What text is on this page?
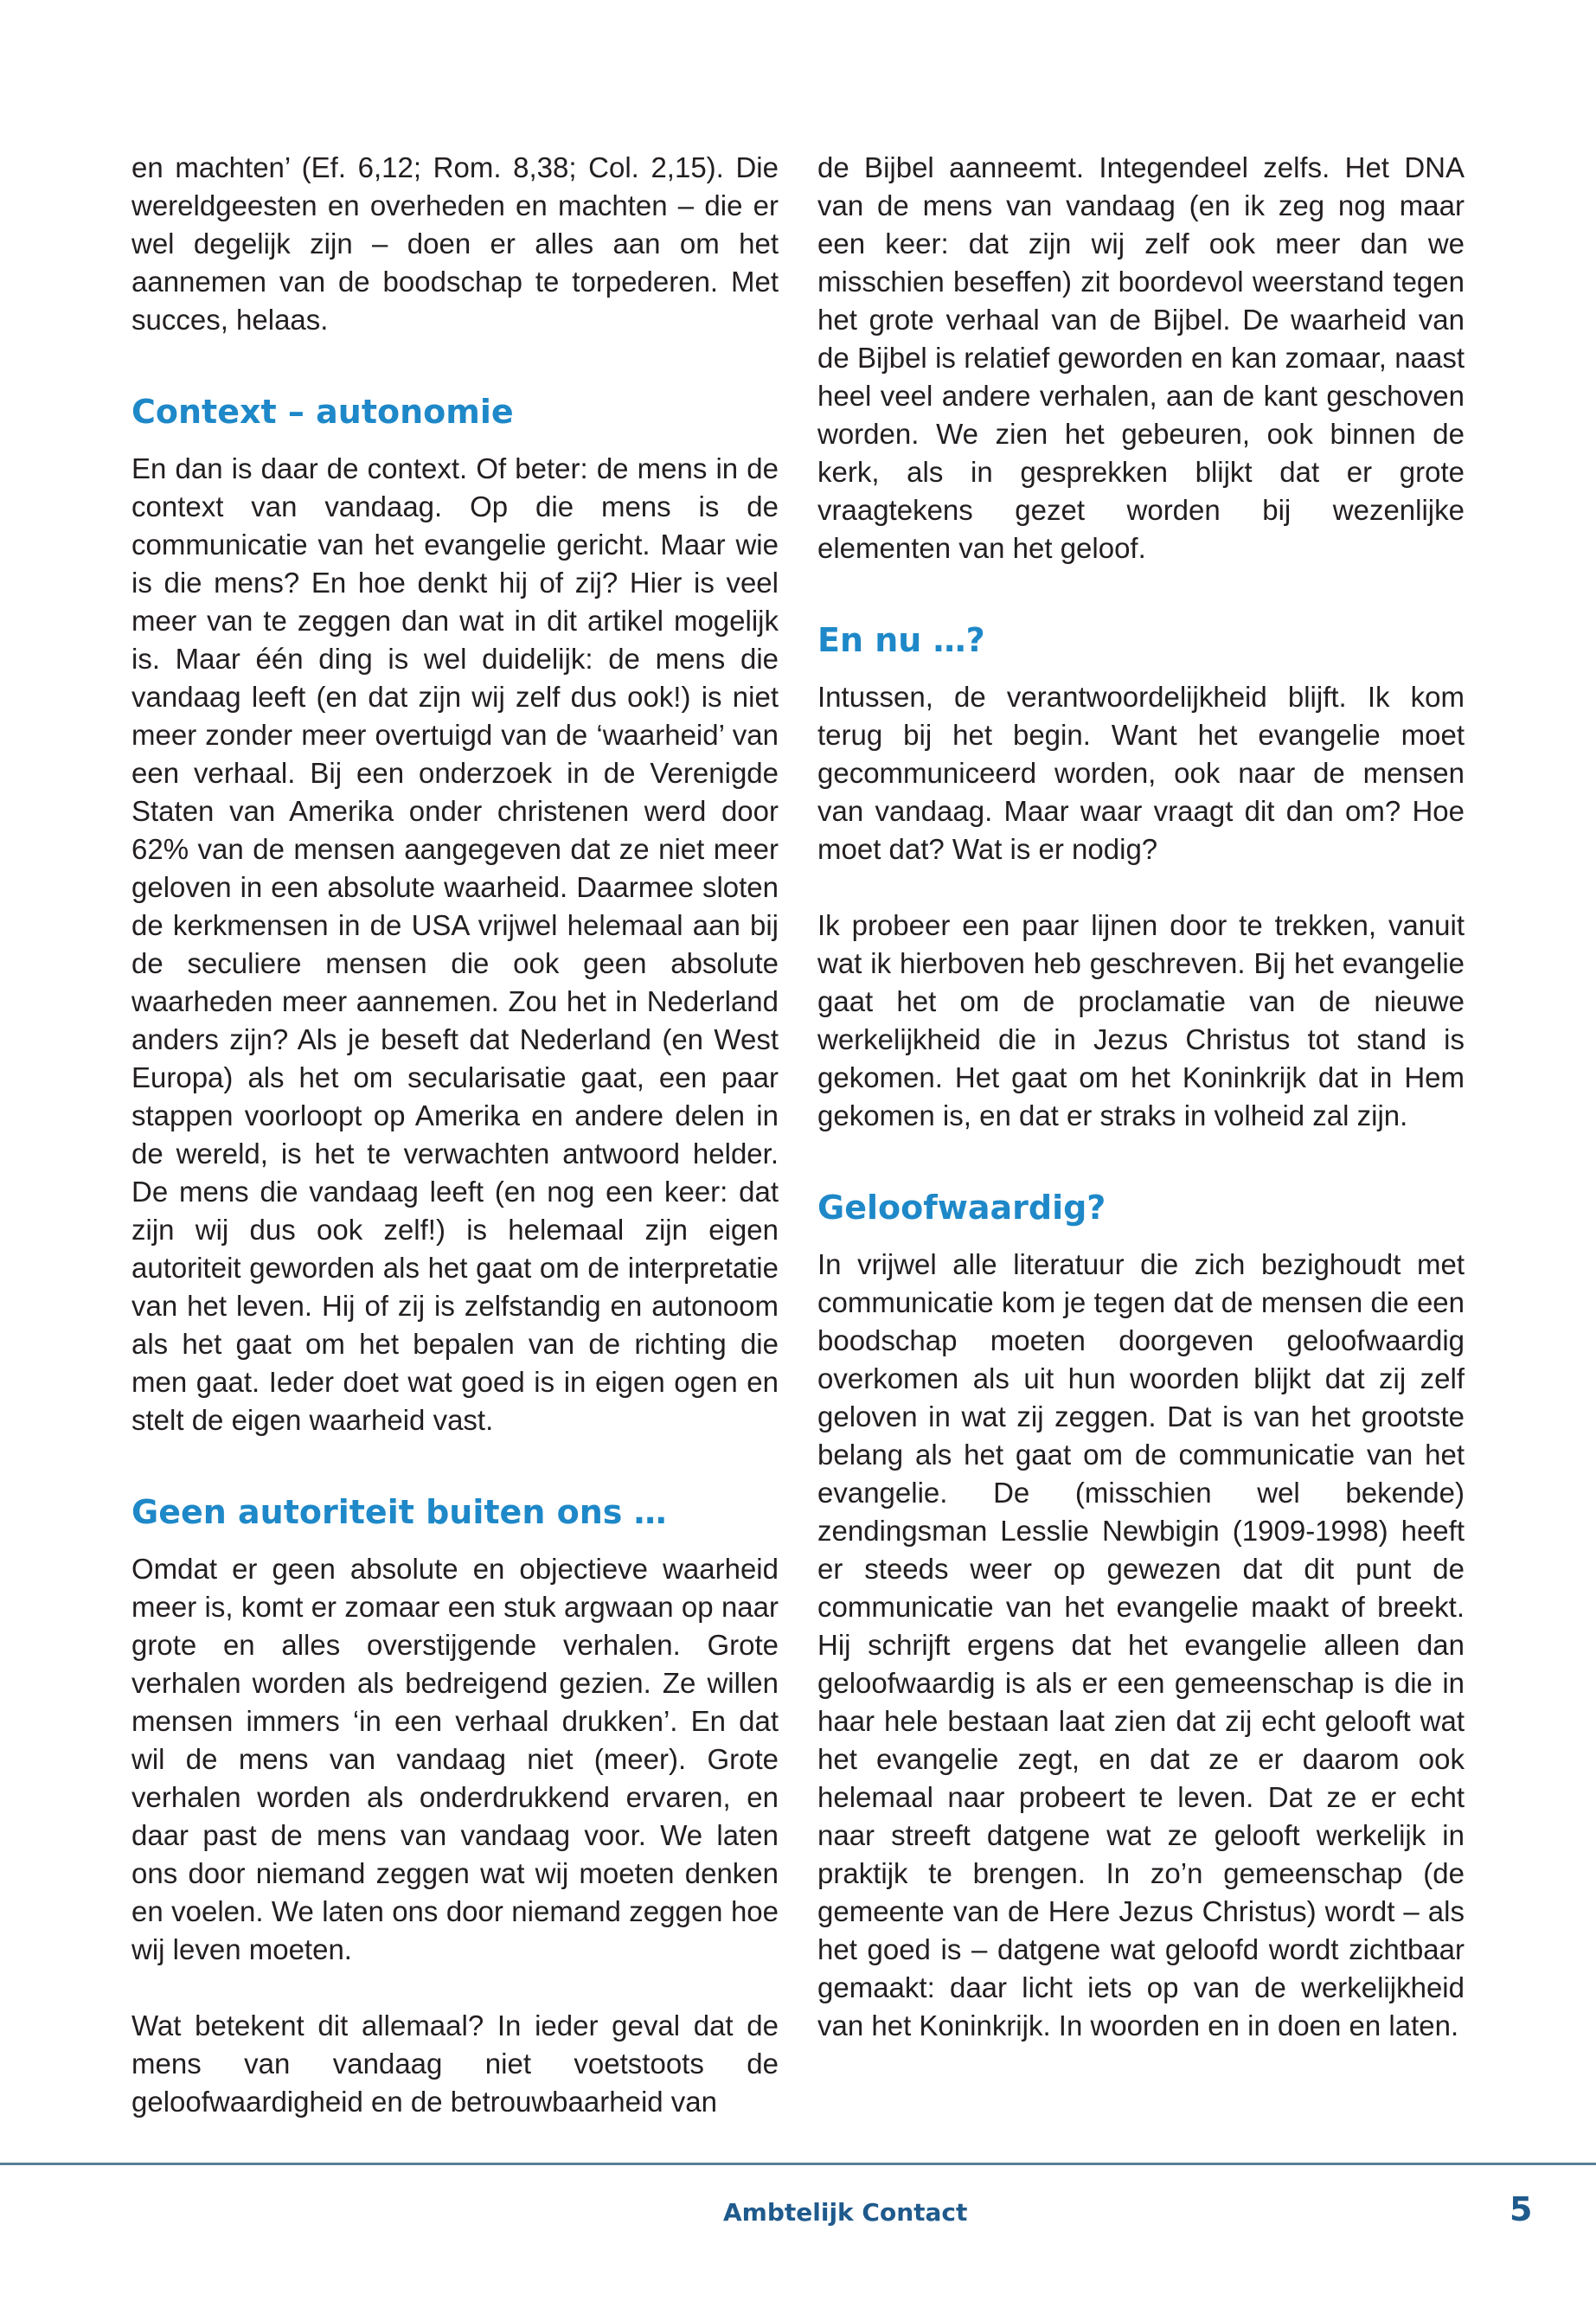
en machten’ (Ef. 6,12; Rom. 8,38; Col. 2,15). Die wereldgeesten en overheden en machten – die er wel degelijk zijn – doen er alles aan om het aannemen van de boodschap te torpederen. Met succes, helaas.

Context – autonomie

En dan is daar de context. Of beter: de mens in de context van vandaag. Op die mens is de communicatie van het evangelie gericht. Maar wie is die mens? En hoe denkt hij of zij? Hier is veel meer van te zeggen dan wat in dit artikel mogelijk is. Maar één ding is wel duidelijk: de mens die vandaag leeft (en dat zijn wij zelf dus ook!) is niet meer zonder meer overtuigd van de ‘waarheid’ van een verhaal. Bij een onderzoek in de Verenigde Staten van Amerika onder christenen werd door 62% van de mensen aangegeven dat ze niet meer geloven in een absolute waarheid. Daarmee sloten de kerkmensen in de USA vrijwel helemaal aan bij de seculiere mensen die ook geen absolute waarheden meer aannemen. Zou het in Nederland anders zijn? Als je beseft dat Nederland (en West Europa) als het om secularisatie gaat, een paar stappen voorloopt op Amerika en andere delen in de wereld, is het te verwachten antwoord helder. De mens die vandaag leeft (en nog een keer: dat zijn wij dus ook zelf!) is helemaal zijn eigen autoriteit geworden als het gaat om de interpretatie van het leven. Hij of zij is zelfstandig en autonoom als het gaat om het bepalen van de richting die men gaat. Ieder doet wat goed is in eigen ogen en stelt de eigen waarheid vast.

Geen autoriteit buiten ons …

Omdat er geen absolute en objectieve waarheid meer is, komt er zomaar een stuk argwaan op naar grote en alles overstijgende verhalen. Grote verhalen worden als bedreigend gezien. Ze willen mensen immers ‘in een verhaal drukken’. En dat wil de mens van vandaag niet (meer). Grote verhalen worden als onderdrukkend ervaren, en daar past de mens van vandaag voor. We laten ons door niemand zeggen wat wij moeten denken en voelen. We laten ons door niemand zeggen hoe wij leven moeten.

Wat betekent dit allemaal? In ieder geval dat de mens van vandaag niet voetstoots de geloofwaardigheid en de betrouwbaarheid van

de Bijbel aanneemt. Integendeel zelfs. Het DNA van de mens van vandaag (en ik zeg nog maar een keer: dat zijn wij zelf ook meer dan we misschien beseffen) zit boordevol weerstand tegen het grote verhaal van de Bijbel. De waarheid van de Bijbel is relatief geworden en kan zomaar, naast heel veel andere verhalen, aan de kant geschoven worden. We zien het gebeuren, ook binnen de kerk, als in gesprekken blijkt dat er grote vraagtekens gezet worden bij wezenlijke elementen van het geloof.

En nu …?

Intussen, de verantwoordelijkheid blijft. Ik kom terug bij het begin. Want het evangelie moet gecommuniceerd worden, ook naar de mensen van vandaag. Maar waar vraagt dit dan om? Hoe moet dat? Wat is er nodig?

Ik probeer een paar lijnen door te trekken, vanuit wat ik hierboven heb geschreven. Bij het evangelie gaat het om de proclamatie van de nieuwe werkelijkheid die in Jezus Christus tot stand is gekomen. Het gaat om het Koninkrijk dat in Hem gekomen is, en dat er straks in volheid zal zijn.

Geloofwaardig?

In vrijwel alle literatuur die zich bezighoudt met communicatie kom je tegen dat de mensen die een boodschap moeten doorgeven geloofwaardig overkomen als uit hun woorden blijkt dat zij zelf geloven in wat zij zeggen. Dat is van het grootste belang als het gaat om de communicatie van het evangelie. De (misschien wel bekende) zendingsman Lesslie Newbigin (1909-1998) heeft er steeds weer op gewezen dat dit punt de communicatie van het evangelie maakt of breekt. Hij schrijft ergens dat het evangelie alleen dan geloofwaardig is als er een gemeenschap is die in haar hele bestaan laat zien dat zij echt gelooft wat het evangelie zegt, en dat ze er daarom ook helemaal naar probeert te leven. Dat ze er echt naar streeft datgene wat ze gelooft werkelijk in praktijk te brengen. In zo’n gemeenschap (de gemeente van de Here Jezus Christus) wordt – als het goed is – datgene wat geloofd wordt zichtbaar gemaakt: daar licht iets op van de werkelijkheid van het Koninkrijk. In woorden en in doen en laten.

Ambtelijk Contact	5
